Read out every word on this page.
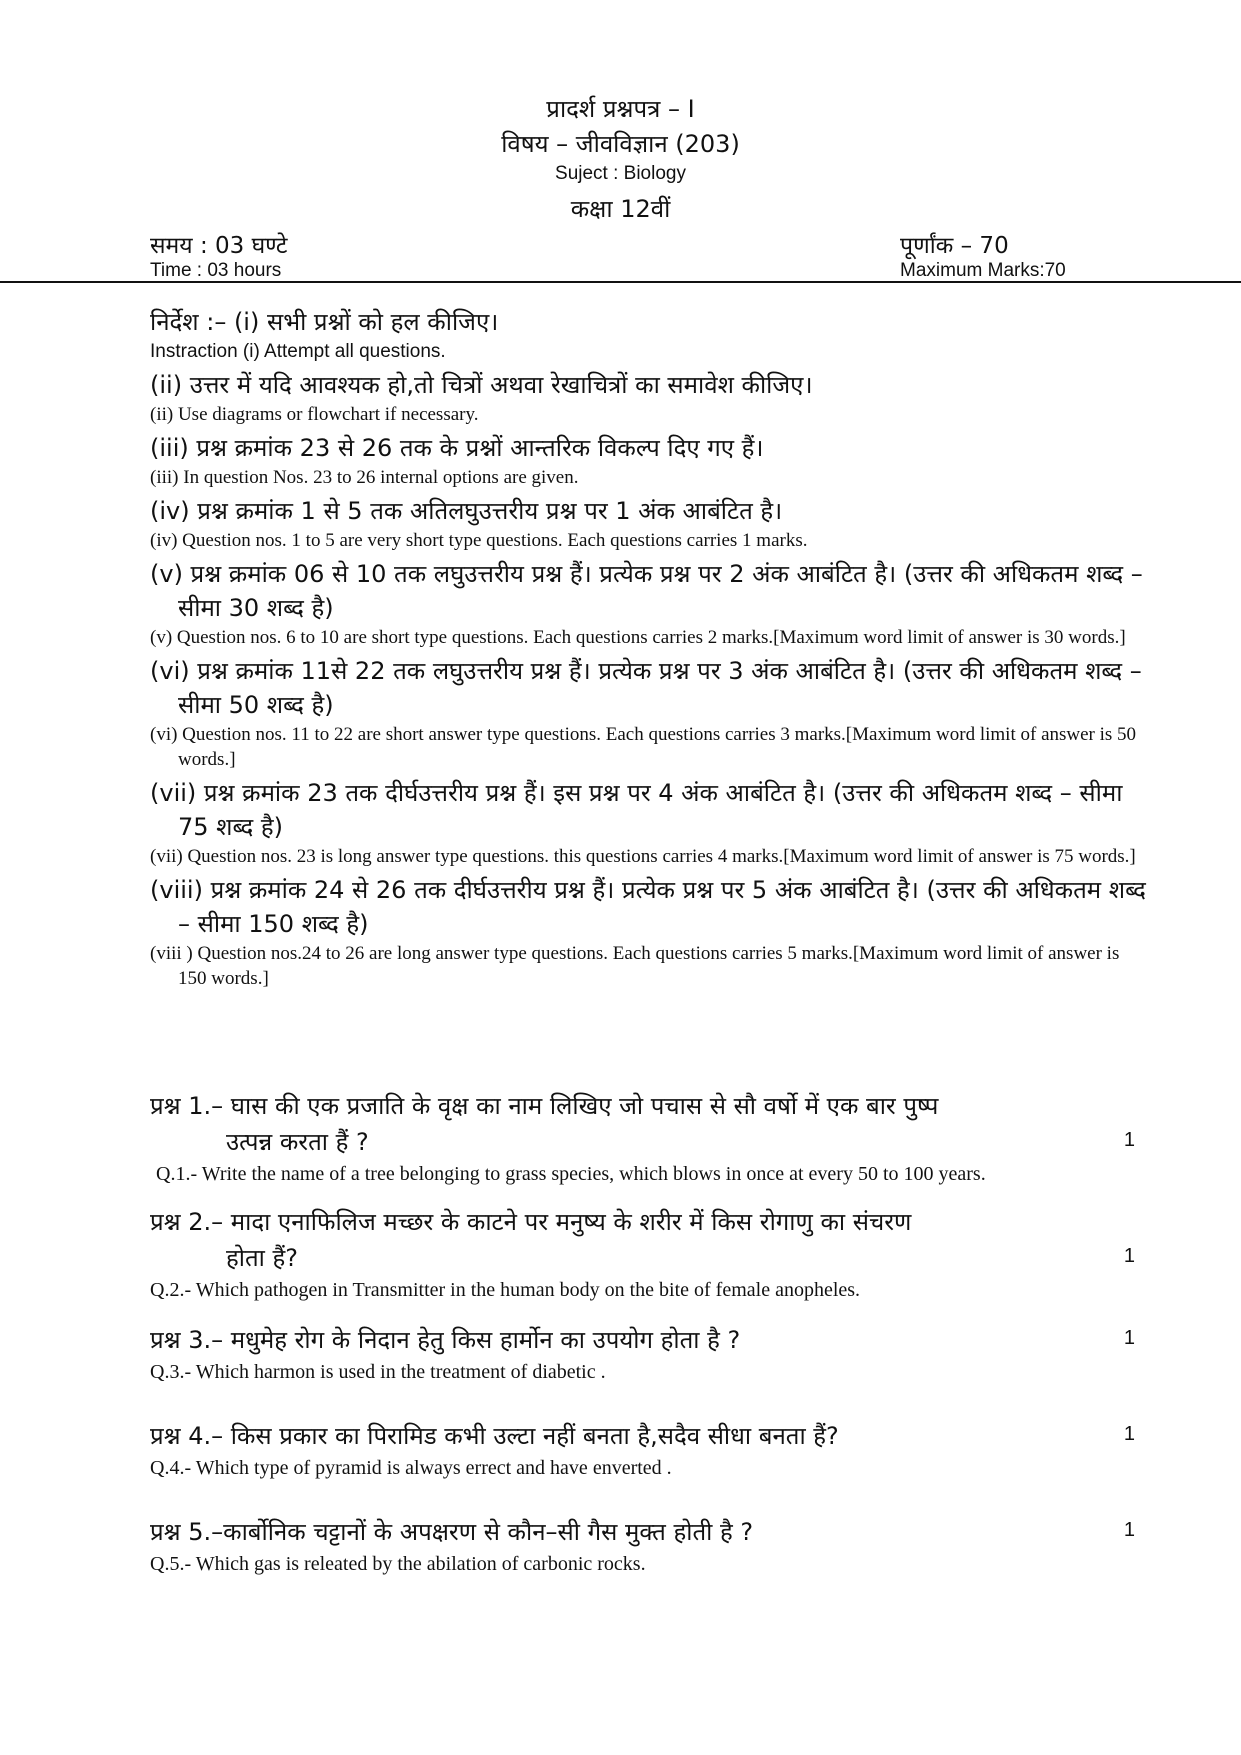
प्रादर्श प्रश्नपत्र – I
विषय – जीवविज्ञान (203)
Suject : Biology
कक्षा 12वीं
समय : 03 घण्टे
Time : 03 hours
पूर्णांक – 70
Maximum Marks:70

निर्देश :– (i) सभी प्रश्नों को हल कीजिए।

Instraction (i) Attempt all questions.

(ii) उत्तर में यदि आवश्यक हो,तो चित्रों अथवा रेखाचित्रों का समावेश कीजिए।

(ii) Use diagrams or flowchart if necessary.

(iii) प्रश्न क्रमांक 23 से 26 तक के प्रश्नों आन्तरिक विकल्प दिए गए हैं।

(iii) In question Nos. 23 to 26 internal options are given.

(iv) प्रश्न क्रमांक 1 से 5 तक अतिलघुउत्तरीय प्रश्न पर 1 अंक आबंटित है।

(iv) Question nos. 1 to 5 are very short type questions. Each questions carries 1 marks.

(v) प्रश्न क्रमांक 06 से 10 तक लघुउत्तरीय प्रश्न हैं। प्रत्येक प्रश्न पर 2 अंक आबंटित है। (उत्तर की अधिकतम शब्द – सीमा 30 शब्द है)

(v) Question nos. 6 to 10 are short type questions. Each questions carries 2 marks.[Maximum word limit of answer is 30 words.]

(vi) प्रश्न क्रमांक 11से 22 तक लघुउत्तरीय प्रश्न हैं। प्रत्येक प्रश्न पर 3 अंक आबंटित है। (उत्तर की अधिकतम शब्द – सीमा 50 शब्द है)

(vi) Question nos. 11 to 22 are short answer type questions. Each questions carries 3 marks.[Maximum word limit of answer is 50 words.]

(vii) प्रश्न क्रमांक 23 तक दीर्घउत्तरीय प्रश्न हैं। इस प्रश्न पर 4 अंक आबंटित है। (उत्तर की अधिकतम शब्द – सीमा 75 शब्द है)

(vii) Question nos. 23 is long answer type questions. this questions carries 4 marks.[Maximum word limit of answer is 75 words.]

(viii) प्रश्न क्रमांक 24 से 26 तक दीर्घउत्तरीय प्रश्न हैं। प्रत्येक प्रश्न पर 5 अंक आबंटित है। (उत्तर की अधिकतम शब्द – सीमा 150 शब्द है)

(viii ) Question nos.24 to 26 are long answer type questions. Each questions carries 5 marks.[Maximum word limit of answer is 150 words.]

प्रश्न 1.– घास की एक प्रजाति के वृक्ष का नाम लिखिए जो पचास से सौ वर्षो में एक बार पुष्प

उत्पन्न करता हैं ?	1

Q.1.- Write the name of a tree belonging to grass species, which blows in once at every 50 to 100 years.

प्रश्न 2.– मादा एनाफिलिज मच्छर के काटने पर मनुष्य के शरीर में किस रोगाणु का संचरण

होता हैं?	1

Q.2.- Which pathogen in Transmitter in the human body on the bite of female anopheles.

प्रश्न 3.– मधुमेह रोग के निदान हेतु किस हार्मोन का उपयोग होता है ?	1

Q.3.- Which harmon is used in the treatment of diabetic .

प्रश्न 4.– किस प्रकार का पिरामिड कभी उल्टा नहीं बनता है,सदैव सीधा बनता हैं?	1

Q.4.- Which type of pyramid is always errect and have enverted .

प्रश्न 5.–कार्बोनिक चट्टानों के अपक्षरण से कौन–सी गैस मुक्त होती है ?	1

Q.5.- Which gas is releated by the abilation of carbonic rocks.
